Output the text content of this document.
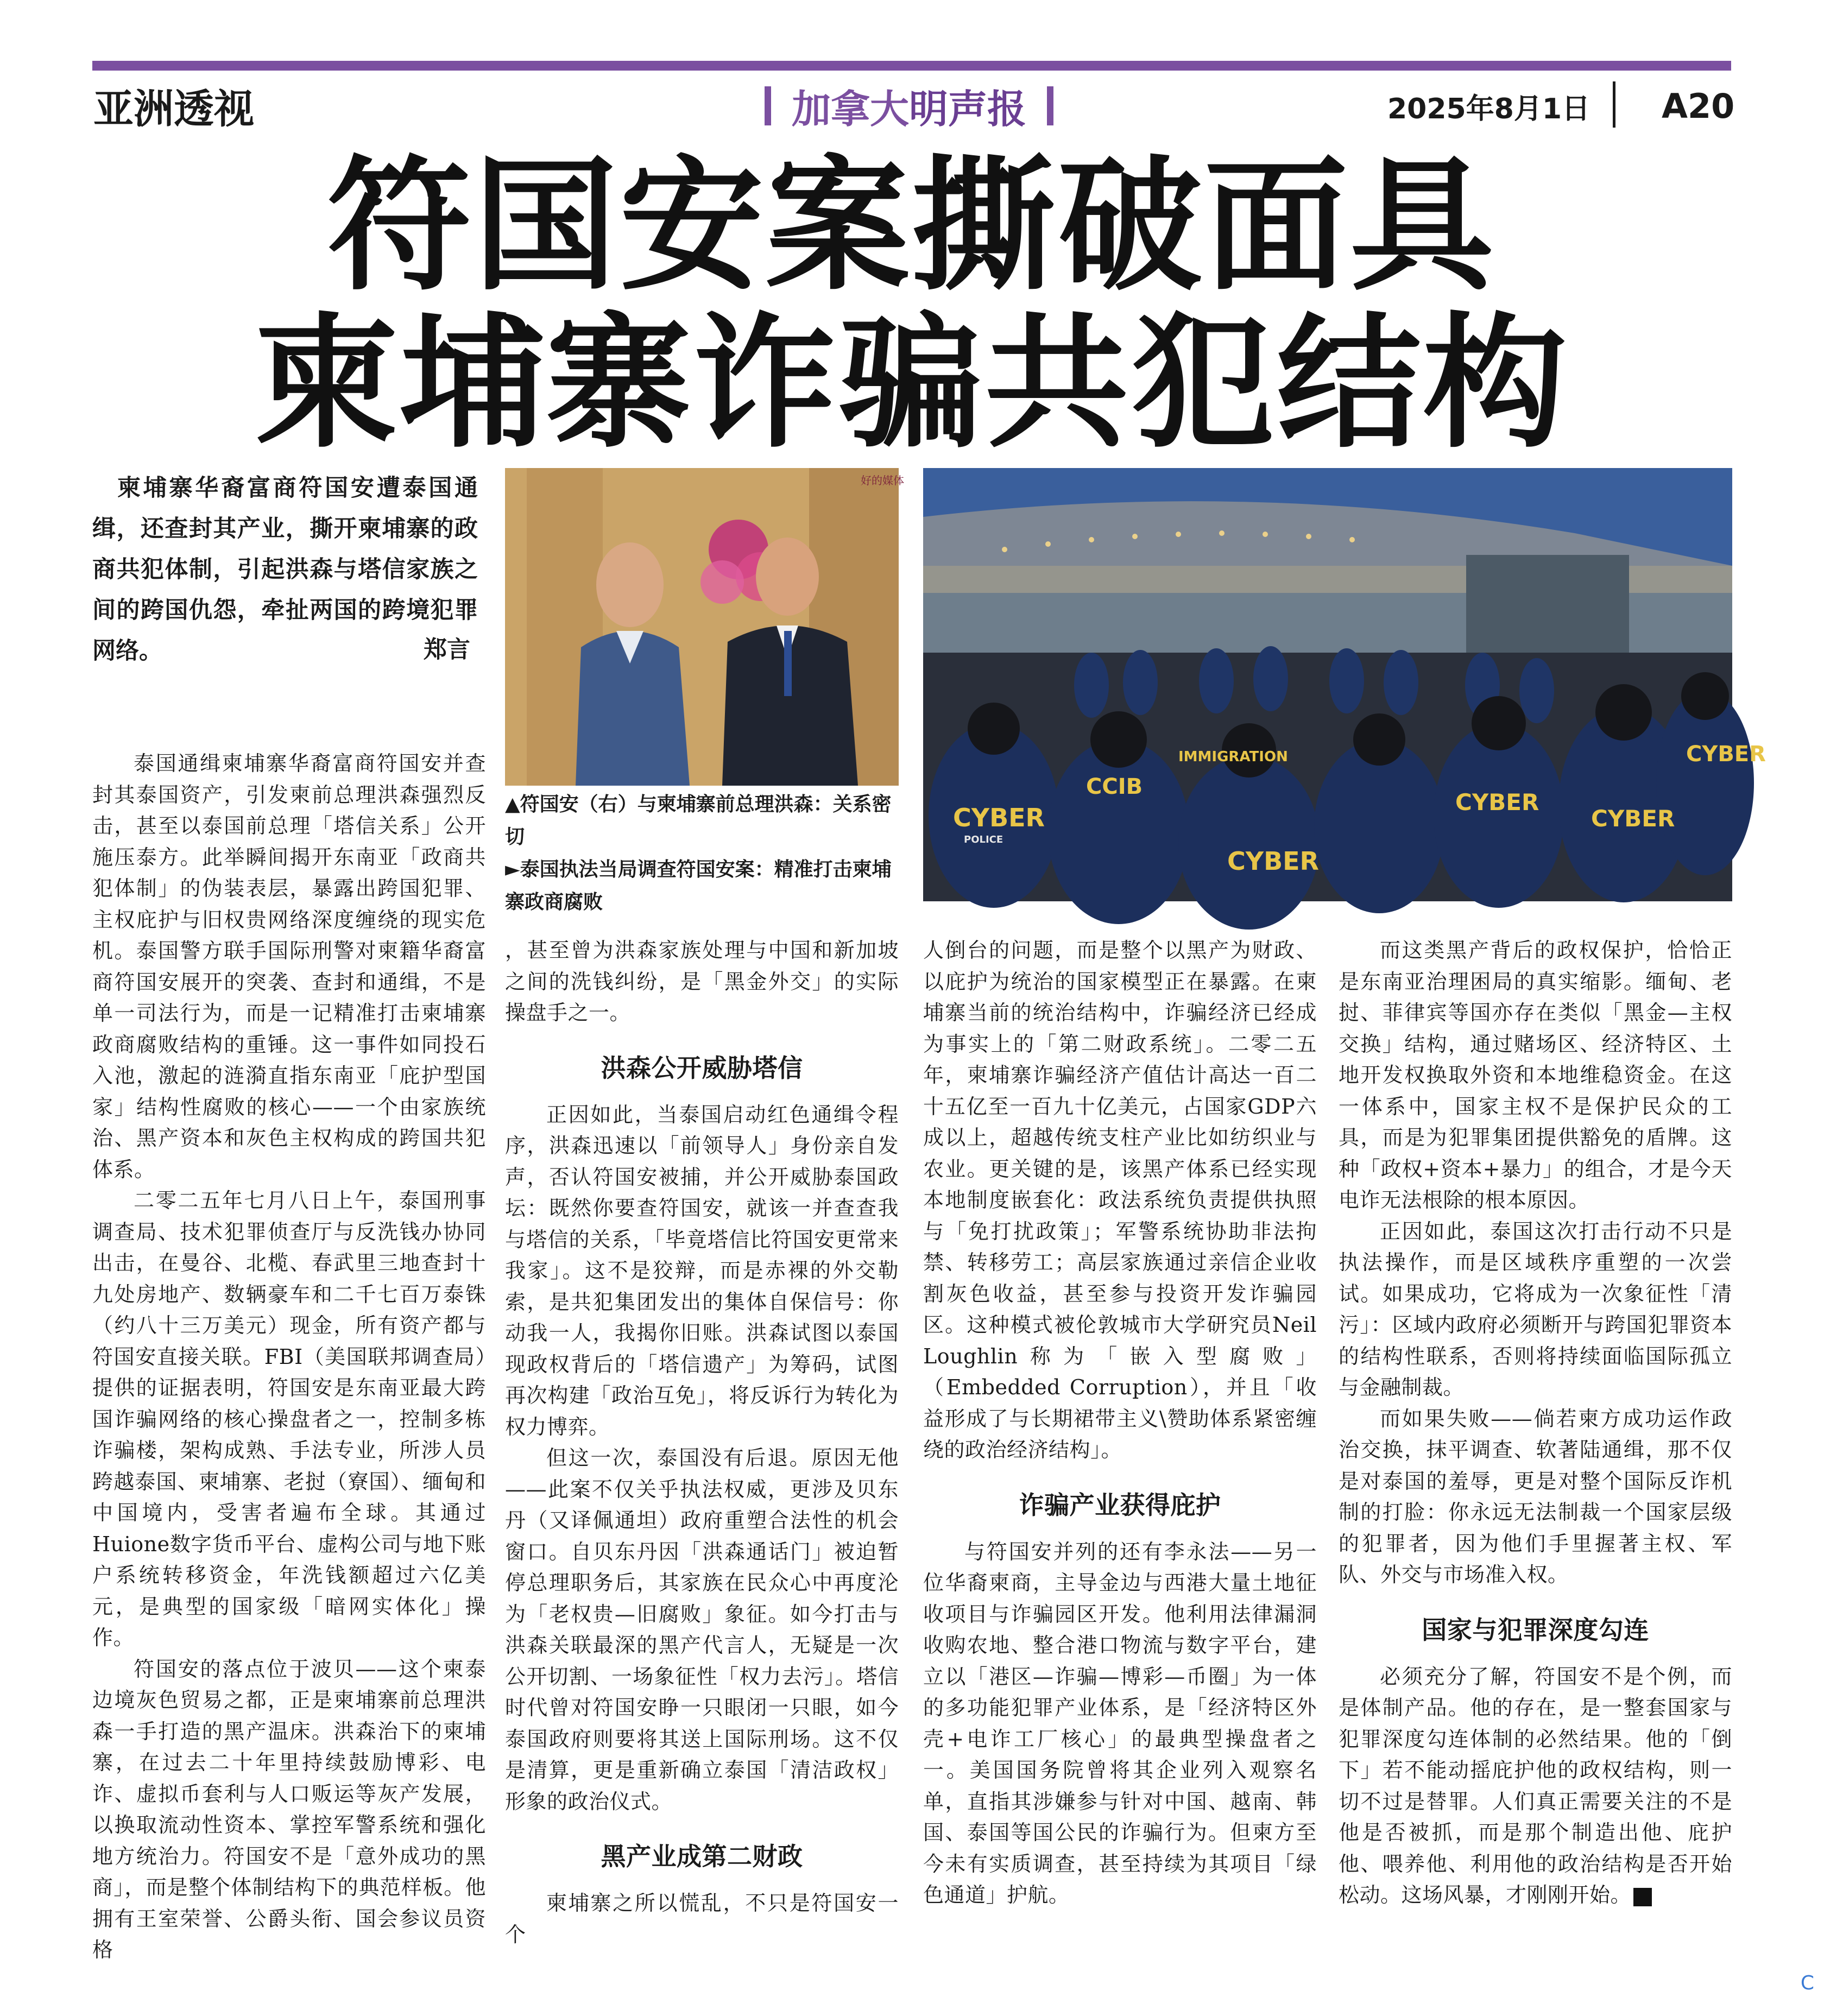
亚洲透视	加拿大 明声报	2025年8月1日 A20
符国安案撕破面具
柬埔寨诈骗共犯结构
柬埔寨华裔富商符国安遭泰国通缉，还查封其产业，撕开柬埔寨的政商共犯体制，引起洪森与塔信家族之间的跨国仇怨，牵扯两国的跨境犯罪网络。	郑言
好的媒体
CYBER
POLICE
CCIB
IMMIGRATION
CYBER
CYBER
CYBER
CYBER
▲符国安（右）与柬埔寨前总理洪森：关系密切
►泰国执法当局调查符国安案：精准打击柬埔寨政商腐败

泰国通缉柬埔寨华裔富商符国安并查封其泰国资产，引发柬前总理洪森强烈反击，甚至以泰国前总理「塔信关系」公开施压泰方。此举瞬间揭开东南亚「政商共犯体制」的伪装表层，暴露出跨国犯罪、主权庇护与旧权贵网络深度缠绕的现实危机。泰国警方联手国际刑警对柬籍华裔富商符国安展开的突袭、查封和通缉，不是单一司法行为，而是一记精准打击柬埔寨政商腐败结构的重锤。这一事件如同投石入池，激起的涟漪直指东南亚「庇护型国家」结构性腐败的核心——一个由家族统治、黑产资本和灰色主权构成的跨国共犯体系。

二零二五年七月八日上午，泰国刑事调查局、技术犯罪侦查厅与反洗钱办协同出击，在曼谷、北榄、春武里三地查封十九处房地产、数辆豪车和二千七百万泰铢（约八十三万美元）现金，所有资产都与符国安直接关联。FBI（美国联邦调查局）提供的证据表明，符国安是东南亚最大跨国诈骗网络的核心操盘者之一，控制多栋诈骗楼，架构成熟、手法专业，所涉人员跨越泰国、柬埔寨、老挝（寮国）、缅甸和中国境内，受害者遍布全球。其通过Huione数字货币平台、虚构公司与地下账户系统转移资金，年洗钱额超过六亿美元，是典型的国家级「暗网实体化」操作。

符国安的落点位于波贝——这个柬泰边境灰色贸易之都，正是柬埔寨前总理洪森一手打造的黑产温床。洪森治下的柬埔寨，在过去二十年里持续鼓励博彩、电诈、虚拟币套利与人口贩运等灰产发展，以换取流动性资本、掌控军警系统和强化地方统治力。符国安不是「意外成功的黑商」，而是整个体制结构下的典范样板。他拥有王室荣誉、公爵头衔、国会参议员资格

，甚至曾为洪森家族处理与中国和新加坡之间的洗钱纠纷，是「黑金外交」的实际操盘手之一。
洪森公开威胁塔信

正因如此，当泰国启动红色通缉令程序，洪森迅速以「前领导人」身份亲自发声，否认符国安被捕，并公开威胁泰国政坛：既然你要查符国安，就该一并查查我与塔信的关系，「毕竟塔信比符国安更常来我家」。这不是狡辩，而是赤裸的外交勒索，是共犯集团发出的集体自保信号：你动我一人，我揭你旧账。洪森试图以泰国现政权背后的「塔信遗产」为筹码，试图再次构建「政治互免」，将反诉行为转化为权力博弈。

但这一次，泰国没有后退。原因无他——此案不仅关乎执法权威，更涉及贝东丹（又译佩通坦）政府重塑合法性的机会窗口。自贝东丹因「洪森通话门」被迫暂停总理职务后，其家族在民众心中再度沦为「老权贵—旧腐败」象征。如今打击与洪森关联最深的黑产代言人，无疑是一次公开切割、一场象征性「权力去污」。塔信时代曾对符国安睁一只眼闭一只眼，如今泰国政府则要将其送上国际刑场。这不仅是清算，更是重新确立泰国「清洁政权」形象的政治仪式。

黑产业成第二财政

柬埔寨之所以慌乱，不只是符国安一个

人倒台的问题，而是整个以黑产为财政、以庇护为统治的国家模型正在暴露。在柬埔寨当前的统治结构中，诈骗经济已经成为事实上的「第二财政系统」。二零二五年，柬埔寨诈骗经济产值估计高达一百二十五亿至一百九十亿美元，占国家GDP六成以上，超越传统支柱产业比如纺织业与农业。更关键的是，该黑产体系已经实现本地制度嵌套化：政法系统负责提供执照与「免打扰政策」；军警系统协助非法拘禁、转移劳工；高层家族通过亲信企业收割灰色收益，甚至参与投资开发诈骗园区。这种模式被伦敦城市大学研究员Neil Loughlin称为「嵌入型腐败」（Embedded Corruption），并且「收益形成了与长期裙带主义\赞助体系紧密缠绕的政治经济结构」。
诈骗产业获得庇护

与符国安并列的还有李永法——另一位华裔柬商，主导金边与西港大量土地征收项目与诈骗园区开发。他利用法律漏洞收购农地、整合港口物流与数字平台，建立以「港区—诈骗—博彩—币圈」为一体的多功能犯罪产业体系，是「经济特区外壳+电诈工厂核心」的最典型操盘者之一。美国国务院曾将其企业列入观察名单，直指其涉嫌参与针对中国、越南、韩国、泰国等国公民的诈骗行为。但柬方至今未有实质调查，甚至持续为其项目「绿色通道」护航。

而这类黑产背后的政权保护，恰恰正是东南亚治理困局的真实缩影。缅甸、老挝、菲律宾等国亦存在类似「黑金—主权交换」结构，通过赌场区、经济特区、土地开发权换取外资和本地维稳资金。在这一体系中，国家主权不是保护民众的工具，而是为犯罪集团提供豁免的盾牌。这种「政权+资本+暴力」的组合，才是今天电诈无法根除的根本原因。

正因如此，泰国这次打击行动不只是执法操作，而是区域秩序重塑的一次尝试。如果成功，它将成为一次象征性「清污」：区域内政府必须断开与跨国犯罪资本的结构性联系，否则将持续面临国际孤立与金融制裁。

而如果失败——倘若柬方成功运作政治交换，抹平调查、软著陆通缉，那不仅是对泰国的羞辱，更是对整个国际反诈机制的打脸：你永远无法制裁一个国家层级的犯罪者，因为他们手里握著主权、军队、外交与市场准入权。

国家与犯罪深度勾连

必须充分了解，符国安不是个例，而是体制产品。他的存在，是一整套国家与犯罪深度勾连体制的必然结果。他的「倒下」若不能动摇庇护他的政权结构，则一切不过是替罪。人们真正需要关注的不是他是否被抓，而是那个制造出他、庇护他、喂养他、利用他的政治结构是否开始松动。这场风暴，才刚刚开始。

C
